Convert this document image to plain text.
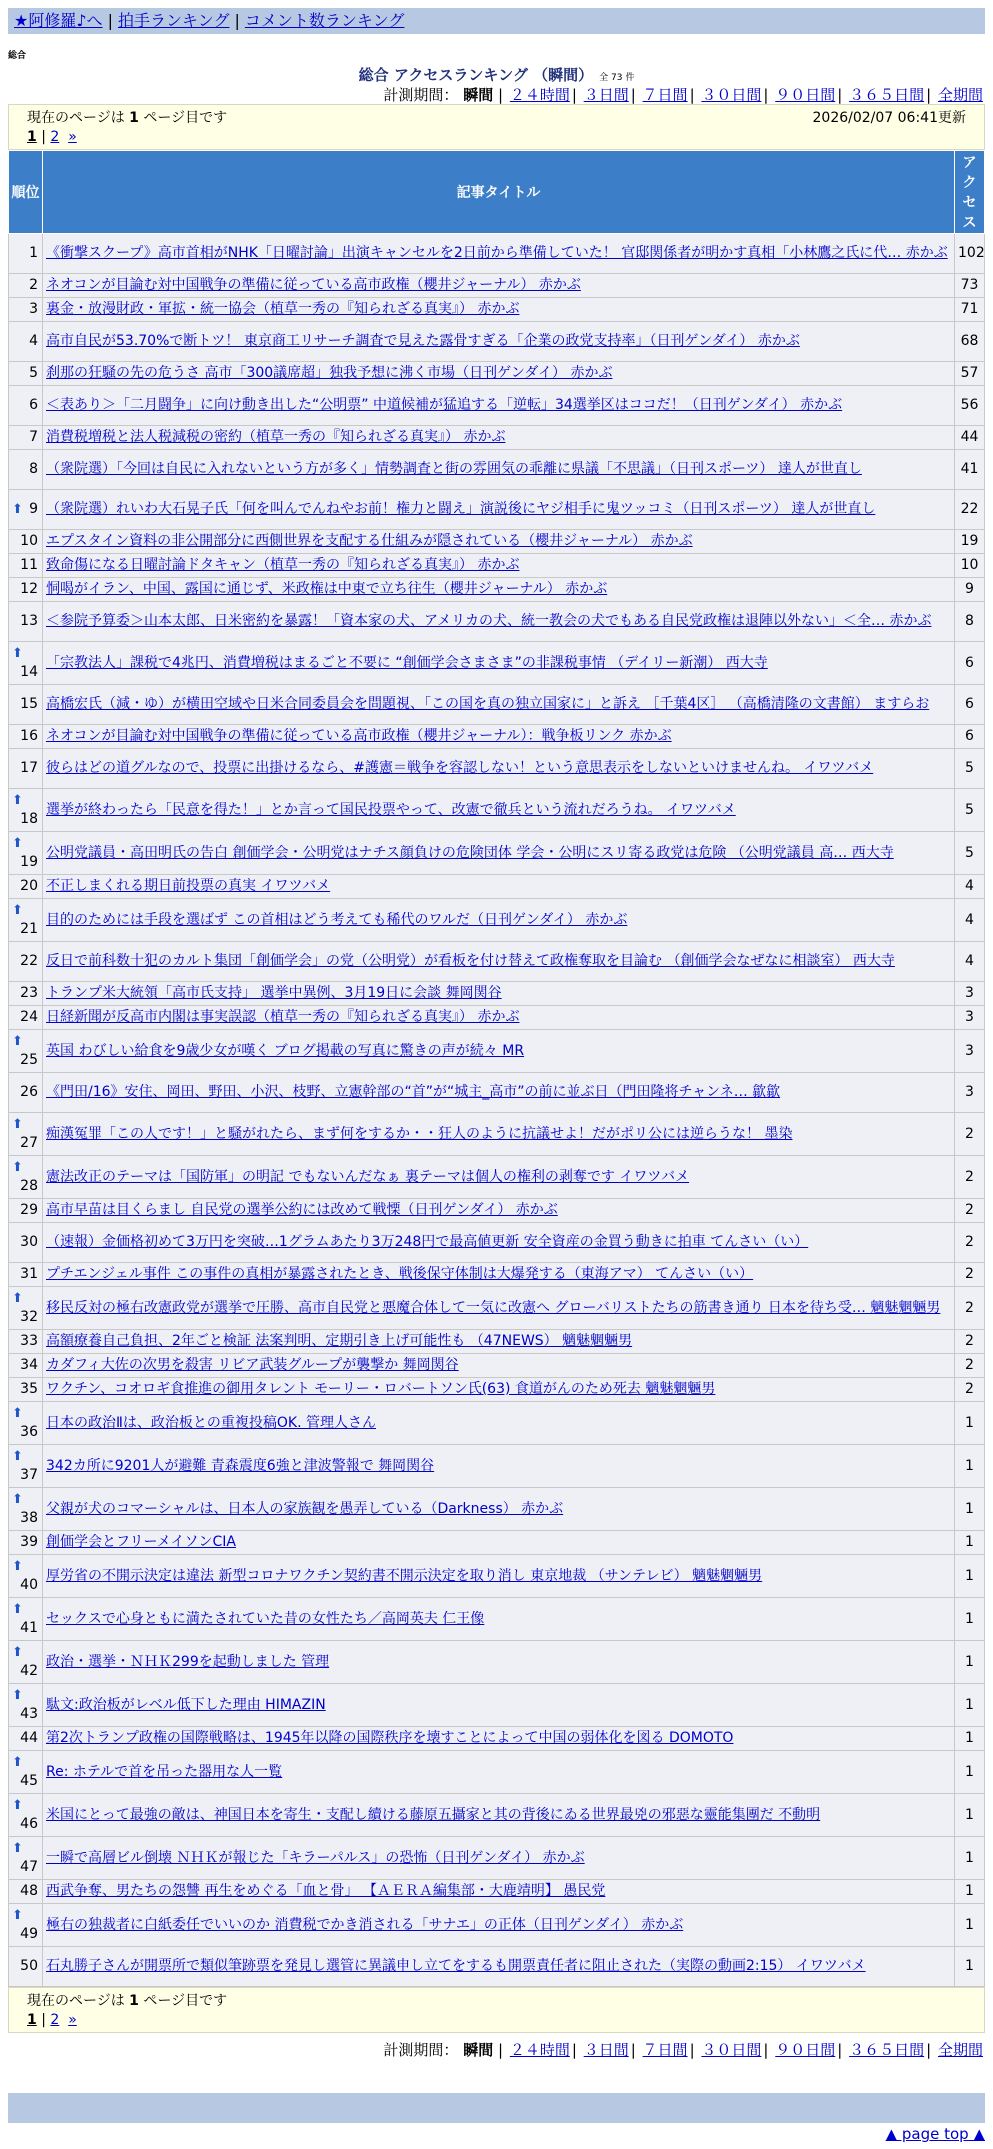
★阿修羅♪へ | 拍手ランキング | コメント数ランキング
総合
総合 アクセスランキング （瞬間） 全 73 件
計測期間： 瞬間 | ２４時間 | ３日間 | ７日間 | ３０日間 | ９０日間 | ３６５日間 | 全期間
現在のページは 1 ページ目です	2026/02/07 06:41更新
1
|
2
»
順位	記事タイトル	アクセス
1	《衝撃スクープ》高市首相がNHK「日曜討論」出演キャンセルを2日前から準備していた！ 官邸関係者が明かす真相「小林鷹之氏に代… 赤かぶ	102
2	ネオコンが目論む対中国戦争の準備に従っている高市政権（櫻井ジャーナル） 赤かぶ	73
3	裏金・放漫財政・軍拡・統一協会（植草一秀の『知られざる真実』） 赤かぶ	71
4	高市自民が53.70%で断トツ！ 東京商工リサーチ調査で見えた露骨すぎる「企業の政党支持率」（日刊ゲンダイ） 赤かぶ	68
5	刹那の狂騒の先の危うさ 高市「300議席超」独我予想に沸く市場（日刊ゲンダイ） 赤かぶ	57
6	＜表あり＞「二月闘争」に向け動き出した“公明票” 中道候補が猛追する「逆転」34選挙区はココだ！（日刊ゲンダイ） 赤かぶ	56
7	消費税増税と法人税減税の密約（植草一秀の『知られざる真実』） 赤かぶ	44
8	（衆院選）「今回は自民に入れないという方が多く」情勢調査と街の雰囲気の乖離に県議「不思議」（日刊スポーツ） 達人が世直し	41

⬆ 9	（衆院選）れいわ大石晃子氏「何を叫んでんねやお前！権力と闘え」演説後にヤジ相手に鬼ツッコミ（日刊スポーツ） 達人が世直し	22
10	エプスタイン資料の非公開部分に西側世界を支配する仕組みが隠されている（櫻井ジャーナル） 赤かぶ	19
11	致命傷になる日曜討論ドタキャン（植草一秀の『知られざる真実』） 赤かぶ	10
12	恫喝がイラン、中国、露国に通じず、米政権は中東で立ち往生（櫻井ジャーナル） 赤かぶ	9
13	＜参院予算委＞山本太郎、日米密約を暴露！「資本家の犬、アメリカの犬、統一教会の犬でもある自民党政権は退陣以外ない」＜全… 赤かぶ	8

⬆
14	「宗教法人」課税で4兆円、消費増税はまるごと不要に “創価学会さまさま”の非課税事情 （デイリー新潮） 西大寺	6
15	高橋宏氏（減・ゆ）が横田空域や日米合同委員会を問題視、「この国を真の独立国家に」と訴え ［千葉4区］ （高橋清隆の文書館） ますらお	6
16	ネオコンが目論む対中国戦争の準備に従っている高市政権（櫻井ジャーナル）：戦争板リンク 赤かぶ	6
17	彼らはどの道グルなので、投票に出掛けるなら、#護憲＝戦争を容認しない！という意思表示をしないといけませんね。 イワツバメ	5

⬆
18	選挙が終わったら「民意を得た！」とか言って国民投票やって、改憲で徹兵という流れだろうね。 イワツバメ	5

⬆
19	公明党議員・高田明氏の告白 創価学会・公明党はナチス顔負けの危険団体 学会・公明にスリ寄る政党は危険 （公明党議員 高… 西大寺	5
20	不正しまくれる期日前投票の真実 イワツバメ	4

⬆
21	目的のためには手段を選ばず この首相はどう考えても稀代のワルだ（日刊ゲンダイ） 赤かぶ	4
22	反日で前科数十犯のカルト集団「創価学会」の党（公明党）が看板を付け替えて政権奪取を目論む （創価学会なぜなに相談室） 西大寺	4
23	トランプ米大統領「高市氏支持」 選挙中異例、3月19日に会談 舞岡関谷	3
24	日経新聞が反高市内閣は事実誤認（植草一秀の『知られざる真実』） 赤かぶ	3

⬆
25	英国 わびしい給食を9歳少女が嘆く ブログ掲載の写真に驚きの声が続々 MR	3
26	《門田/16》安住、岡田、野田、小沢、枝野、立憲幹部の“首”が“城主_高市”の前に並ぶ日（門田隆将チャンネ… 歙歙	3

⬆
27	痴漢冤罪「この人です！」と騒がれたら、まず何をするか・・狂人のように抗議せよ！だがポリ公には逆らうな！ 墨染	2

⬆
28	憲法改正のテーマは「国防軍」の明記 でもないんだなぁ 裏テーマは個人の権利の剥奪です イワツバメ	2
29	高市早苗は目くらまし 自民党の選挙公約には改めて戦慄（日刊ゲンダイ） 赤かぶ	2
30	（速報）金価格初めて3万円を突破…1グラムあたり3万248円で最高値更新 安全資産の金買う動きに拍車 てんさい（い）	2
31	プチエンジェル事件 この事件の真相が暴露されたとき、戦後保守体制は大爆発する（東海アマ） てんさい（い）	2

⬆
32	移民反対の極右改憲政党が選挙で圧勝、高市自民党と悪魔合体して一気に改憲へ グローバリストたちの筋書き通り 日本を待ち受… 魑魅魍魎男	2
33	高額療養自己負担、2年ごと検証 法案判明、定期引き上げ可能性も （47NEWS） 魑魅魍魎男	2
34	カダフィ大佐の次男を殺害 リビア武装グループが襲撃か 舞岡関谷	2
35	ワクチン、コオロギ食推進の御用タレント モーリー・ロバートソン氏(63) 食道がんのため死去 魑魅魍魎男	2

⬆
36	日本の政治Ⅱは、政治板との重複投稿OK. 管理人さん	1

⬆
37	342カ所に9201人が避難 青森震度6強と津波警報で 舞岡関谷	1

⬆
38	父親が犬のコマーシャルは、日本人の家族観を愚弄している（Darkness） 赤かぶ	1
39	創価学会とフリーメイソンCIA	1

⬆
40	厚労省の不開示決定は違法 新型コロナワクチン契約書不開示決定を取り消し 東京地裁 （サンテレビ） 魑魅魍魎男	1

⬆
41	セックスで心身ともに満たされていた昔の女性たち／高岡英夫 仁王像	1

⬆
42	政治・選挙・ＮＨＫ299を起動しました 管理	1

⬆
43	駄文:政治板がレベル低下した理由 HIMAZIN	1
44	第2次トランプ政権の国際戦略は、1945年以降の国際秩序を壊すことによって中国の弱体化を図る DOMOTO	1

⬆
45	Re: ホテルで首を吊った器用な人一覧	1

⬆
46	米国にとって最強の敵は、神国日本を寄生・支配し續ける藤原五攝家と其の背後にゐる世界最兇の邪惡な靈能集團だ 不動明	1

⬆
47	一瞬で高層ビル倒壊 ＮＨＫが報じた「キラーパルス」の恐怖（日刊ゲンダイ） 赤かぶ	1
48	西武争奪、男たちの怨讐 再生をめぐる「血と骨」 【ＡＥＲＡ編集部・大鹿靖明】 愚民党	1

⬆
49	極右の独裁者に白紙委任でいいのか 消費税でかき消される「サナエ」の正体（日刊ゲンダイ） 赤かぶ	1
50	石丸勝子さんが開票所で類似筆跡票を発見し選管に異議申し立てをするも開票責任者に阻止された（実際の動画2:15） イワツバメ	1
現在のページは 1 ページ目です
1
|
2
»
計測期間： 瞬間 | ２４時間 | ３日間 | ７日間 | ３０日間 | ９０日間 | ３６５日間 | 全期間
▲ page top ▲
